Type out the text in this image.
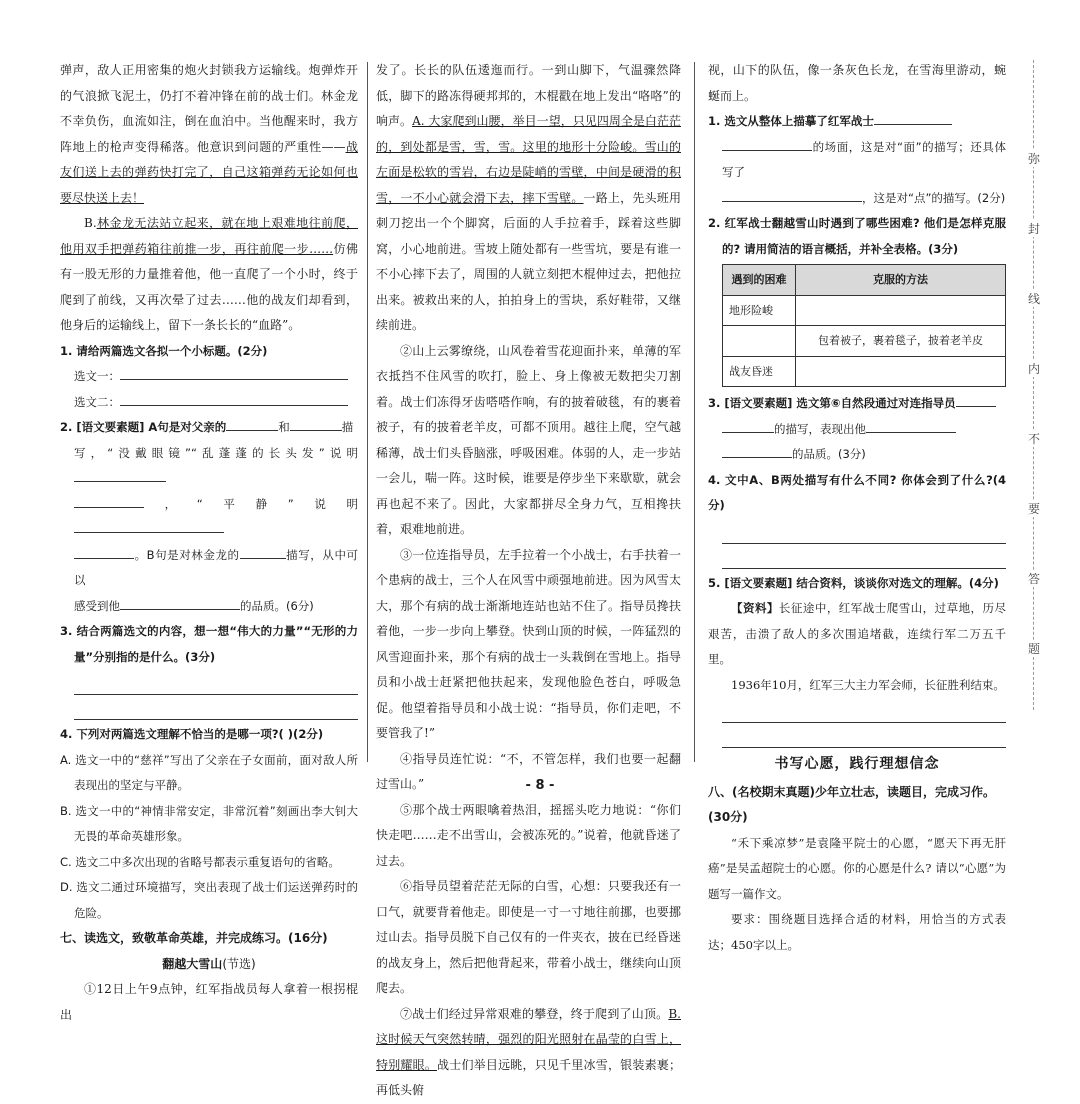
弹声，敌人正用密集的炮火封锁我方运输线。炮弹炸开的气浪掀飞泥土，仍打不着冲锋在前的战士们。林金龙不幸负伤，血流如注，倒在血泊中。当他醒来时，我方阵地上的枪声变得稀落。他意识到问题的严重性——战友们送上去的弹药快打完了，自己这箱弹药无论如何也要尽快送上去！

B.林金龙无法站立起来，就在地上艰难地往前爬，他用双手把弹药箱往前推一步，再往前爬一步……仿佛有一股无形的力量推着他，他一直爬了一个小时，终于爬到了前线，又再次晕了过去……他的战友们却看到，他身后的运输线上，留下一条长长的“血路”。

1. 请给两篇选文各拟一个小标题。(2分)

选文一：

选文二：

2. [语文要素题] A句是对父亲的	和	描

写，“没戴眼镜”“乱蓬蓬的长头发”说明

，“平静”说明

。B句是对林金龙的	描写，从中可以

感受到他	的品质。(6分)

3. 结合两篇选文的内容，想一想“伟大的力量”“无形的力量”分别指的是什么。(3分)

4. 下列对两篇选文理解不恰当的是哪一项?( )(2分)

A. 选文一中的“慈祥”写出了父亲在子女面前，面对敌人所表现出的坚定与平静。

B. 选文一中的“神情非常安定，非常沉着”刻画出李大钊大无畏的革命英雄形象。

C. 选文二中多次出现的省略号都表示重复语句的省略。

D. 选文二通过环境描写，突出表现了战士们运送弹药时的危险。

七、读选文，致敬革命英雄，并完成练习。(16分)

翻越大雪山(节选)

①12日上午9点钟，红军指战员每人拿着一根拐棍出

发了。长长的队伍逶迤而行。一到山脚下，气温骤然降低，脚下的路冻得硬邦邦的，木棍戳在地上发出“咯咯”的响声。A. 大家爬到山腰，举目一望，只见四周全是白茫茫的，到处都是雪，雪，雪。这里的地形十分险峻。雪山的左面是松软的雪岩，右边是陡峭的雪壁，中间是硬滑的积雪，一不小心就会滑下去，摔下雪壁。一路上，先头班用刺刀挖出一个个脚窝，后面的人手拉着手，踩着这些脚窝，小心地前进。雪坡上随处都有一些雪坑，要是有谁一不小心摔下去了，周围的人就立刻把木棍伸过去，把他拉出来。被救出来的人，拍拍身上的雪块，系好鞋带，又继续前进。

②山上云雾缭绕，山风卷着雪花迎面扑来，单薄的军衣抵挡不住风雪的吹打，脸上、身上像被无数把尖刀割着。战士们冻得牙齿嗒嗒作响，有的披着破毯，有的裹着被子，有的披着老羊皮，可都不顶用。越往上爬，空气越稀薄，战士们头昏脑涨，呼吸困难。体弱的人，走一步站一会儿，喘一阵。这时候，谁要是停步坐下来歇歇，就会再也起不来了。因此，大家都拼尽全身力气，互相搀扶着，艰难地前进。

③一位连指导员，左手拉着一个小战士，右手扶着一个患病的战士，三个人在风雪中顽强地前进。因为风雪太大，那个有病的战士渐渐地连站也站不住了。指导员搀扶着他，一步一步向上攀登。快到山顶的时候，一阵猛烈的风雪迎面扑来，那个有病的战士一头栽倒在雪地上。指导员和小战士赶紧把他扶起来，发现他脸色苍白，呼吸急促。他望着指导员和小战士说：“指导员，你们走吧，不要管我了!”

④指导员连忙说：“不，不管怎样，我们也要一起翻过雪山。”

⑤那个战士两眼噙着热泪，摇摇头吃力地说：“你们快走吧……走不出雪山，会被冻死的。”说着，他就昏迷了过去。

⑥指导员望着茫茫无际的白雪，心想：只要我还有一口气，就要背着他走。即使是一寸一寸地往前挪，也要挪过山去。指导员脱下自己仅有的一件夹衣，披在已经昏迷的战友身上，然后把他背起来，带着小战士，继续向山顶爬去。

⑦战士们经过异常艰难的攀登，终于爬到了山顶。B. 这时候天气突然转晴，强烈的阳光照射在晶莹的白雪上，特别耀眼。战士们举目远眺，只见千里冰雪，银装素裹；再低头俯

视，山下的队伍，像一条灰色长龙，在雪海里游动，蜿蜒而上。

1. 选文从整体上描摹了红军战士

的场面，这是对“面”的描写；还具体写了

，这是对“点”的描写。(2分)

2. 红军战士翻越雪山时遇到了哪些困难? 他们是怎样克服的? 请用简洁的语言概括，并补全表格。(3分)

遇到的困难	克服的方法
地形险峻	
	包着被子，裹着毯子，披着老羊皮
战友昏迷	

3. [语文要素题] 选文第⑥自然段通过对连指导员

的描写，表现出他

的品质。(3分)

4. 文中A、B两处描写有什么不同? 你体会到了什么?(4分)

5. [语文要素题] 结合资料，谈谈你对选文的理解。(4分)

【资料】长征途中，红军战士爬雪山，过草地，历尽艰苦，击溃了敌人的多次围追堵截，连续行军二万五千里。

1936年10月，红军三大主力军会师，长征胜利结束。

书写心愿，践行理想信念

八、(名校期末真题)少年立壮志，读题目，完成习作。(30分)

“禾下乘凉梦”是袁隆平院士的心愿，“愿天下再无肝癌”是吴孟超院士的心愿。你的心愿是什么? 请以“心愿”为题写一篇作文。

要求：围绕题目选择合适的材料，用恰当的方式表达；450字以上。

弥
封
线
内
不
要
答
题
- 8 -
